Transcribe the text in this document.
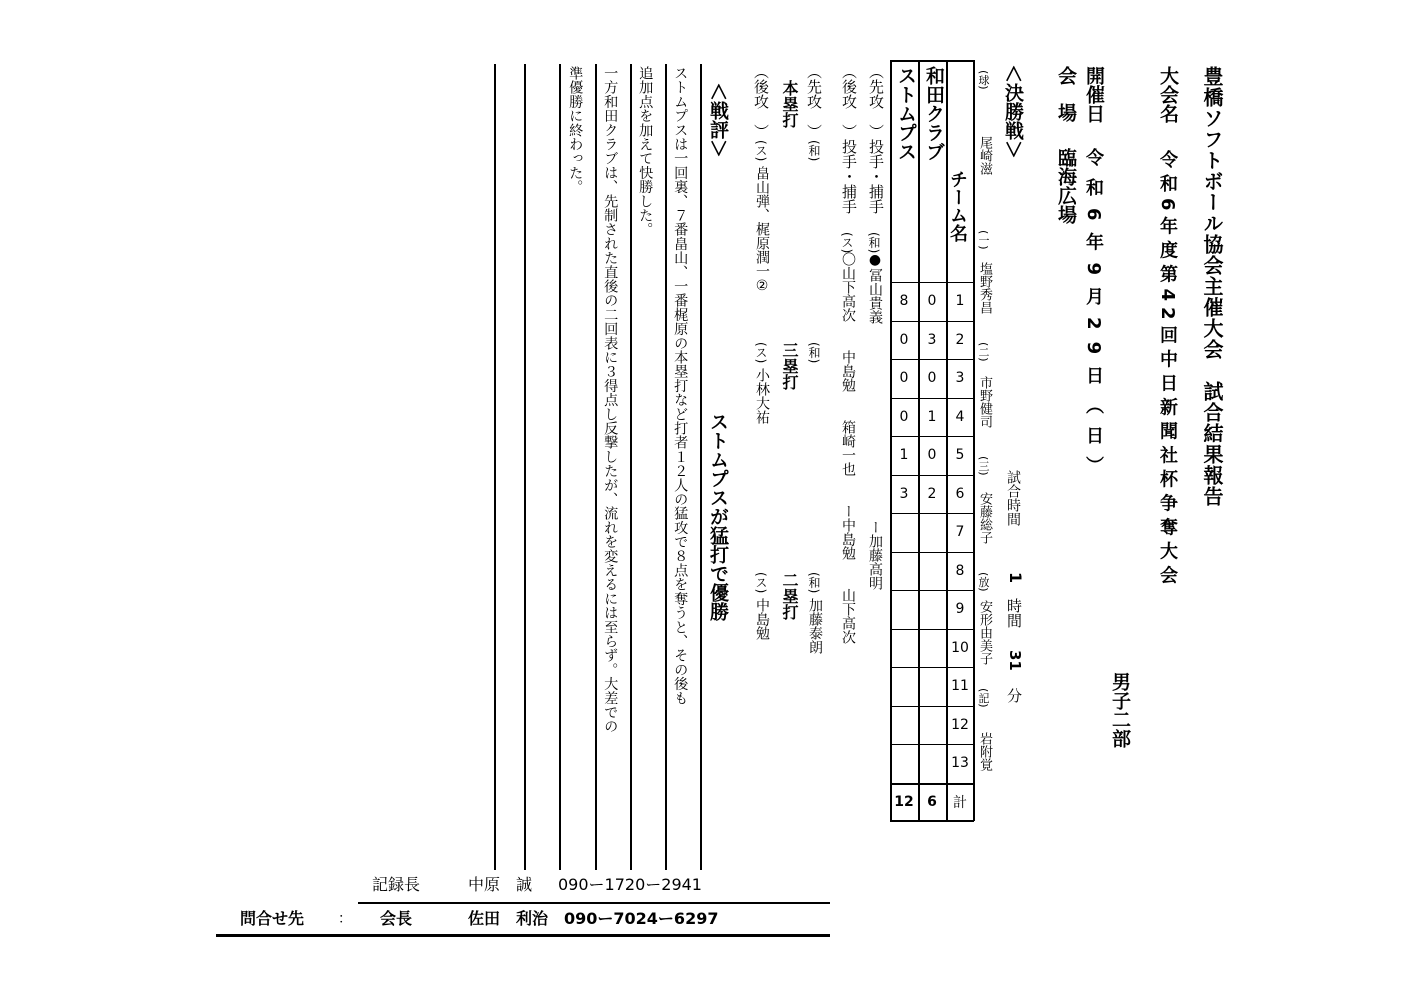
豊橋ソフトボール協会主催大会　試合結果報告
大会名
令和6年度第42回中日新聞社杯争奪大会
男子二部
開催日
令和6年9月29日（日）
会場
臨海広場
＜決勝戦＞
試合時間
1
時間
31
分
(球)
尾崎滋
(一)
塩野秀昌
(二)
市野健司
(三)
安藤総子
(放)
安形由美子
(記)
岩附覚
チーム名
和田クラブ
ストムプス
1
2
3
4
5
6
7
8
9
10
11
12
13
計
0
3
0
1
0
2
6
8
0
0
0
1
3
12
（先攻　）投手・捕手
(和)
●冨山貴義　　　　　　　　　　　　　　ー加藤高明
（後攻　）投手・捕手
(ス)
〇山下高次　　中島勉　　箱崎一也　　ー中島勉　　山下高次
（先攻　）
(和)
(和)
(和)
加藤泰朗
本塁打
三塁打
二塁打
（後攻　）
(ス)
畠山弾、梶原潤一②
(ス)
小林大祐
(ス)
中島勉
＜戦評＞
ストムプスが猛打で優勝
ストムプスは一回裏、７番畠山、一番梶原の本塁打など打者１２人の猛攻で８点を奪うと、その後も
追加点を加えて快勝した。
一方和田クラブは、先制された直後の二回表に３得点し反撃したが、流れを変えるには至らず。大差での
準優勝に終わった。
記録長	中原　誠 090ー1720ー2941
問合せ先 ： 会長	佐田　利治 090ー7024ー6297
